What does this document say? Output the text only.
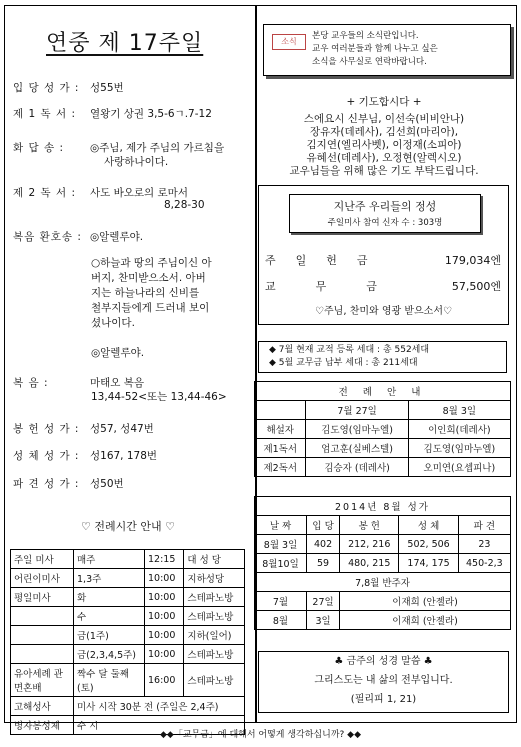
연중 제 17주일
입 당 성 가 : 성55번
제 1 독 서 : 열왕기 상권 3,5-6ㄱ.7-12
화 답 송 : ◎주님, 제가 주님의 가르침을
사랑하나이다.
제 2 독 서 : 사도 바오로의 로마서
8,28-30
복음 환호송 : ◎알렐루야.
○하늘과 땅의 주님이신 아
버지, 찬미받으소서. 아버
지는 하늘나라의 신비를
철부지들에게 드러내 보이
셨나이다.
◎알렐루야.
복 음 :	마태오 복음
13,44-52<또는 13,44-46>
봉 헌 성 가 : 성57, 성47번
성 체 성 가 : 성167, 178번
파 견 성 가 : 성50번
♡ 전례시간 안내 ♡
주일 미사	매주	12:15	대 성 당
어린이미사	1,3주	10:00	지하성당
평일미사	화	10:00	스테파노방
	수	10:00	스테파노방
	금(1주)	10:00	지하(일어)
	금(2,3,4,5주)	10:00	스테파노방
유아세례 관면혼배	짝수 달 둘째 (토)	16:00	스테파노방
고해성사	미사 시작 30분 전 (주일은 2,4주)		
병자봉성체	수 시		
소식
본당 교우들의 소식란입니다.
교우 여러분들과 함께 나누고 싶은
소식을 사무실로 연락바랍니다.
+ 기도합시다 +
스에요시 신부님, 이선숙(비비안나)
장유자(데레사), 김선희(마리아),
김지연(엘리사벳), 이정재(소피아)
유혜선(데레사), 오정현(알렉시오)
교우님들을 위해 많은 기도 부탁드립니다.
지난주 우리들의 정성
주일미사 참여 신자 수 : 303명
주일헌금	179,034엔
교무금	57,500엔
♡주님, 찬미와 영광 받으소서♡
◆ 7월 현재 교적 등록 세대 : 총 552세대
◆ 5월 교무금 납부 세대 : 총 211세대
전 례 안 내		
	7월 27일	8월 3일
해설자	김도영(임마누엘)	이인희(데레사)
제1독서	엄고훈(실베스텔)	김도영(임마누엘)
제2독서	김승자 (데레사)	오미연(요셉피나)
2014년 8월 성가				
날 짜	입 당	봉 헌	성 체	파 견
8월 3일	402	212, 216	502, 506	23
8월10일	59	480, 215	174, 175	450-2,3
7,8월 반주자				
7월	27일	이재희 (안젤라)		
8월	3일	이재희 (안젤라)		
♣ 금주의 성경 말씀 ♣
그리스도는 내 삶의 전부입니다.
(필리피 1, 21)
◆◆「교무금」에 대해서 어떻게 생각하십니까? ◆◆
